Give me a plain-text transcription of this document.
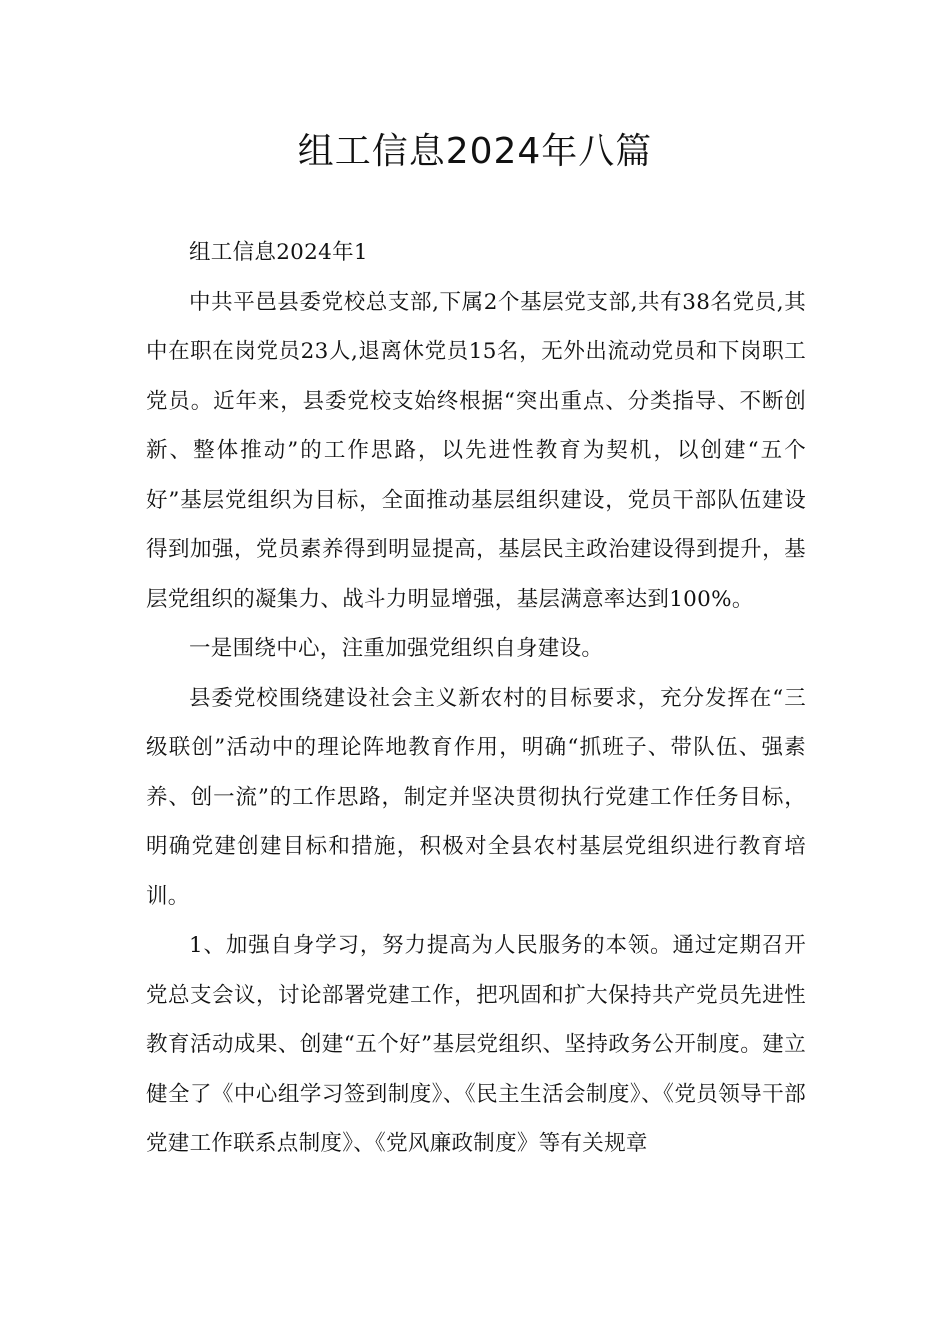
组工信息2024年八篇

组工信息2024年1

中共平邑县委党校总支部,下属2个基层党支部,共有38名党员,其中在职在岗党员23人,退离休党员15名，无外出流动党员和下岗职工党员。近年来，县委党校支始终根据“突出重点、分类指导、不断创新、整体推动”的工作思路，以先进性教育为契机，以创建“五个好”基层党组织为目标，全面推动基层组织建设，党员干部队伍建设得到加强，党员素养得到明显提高，基层民主政治建设得到提升，基层党组织的凝集力、战斗力明显增强，基层满意率达到100%。

一是围绕中心，注重加强党组织自身建设。

县委党校围绕建设社会主义新农村的目标要求，充分发挥在“三级联创”活动中的理论阵地教育作用，明确“抓班子、带队伍、强素养、创一流”的工作思路，制定并坚决贯彻执行党建工作任务目标，明确党建创建目标和措施，积极对全县农村基层党组织进行教育培训。

1、加强自身学习，努力提高为人民服务的本领。通过定期召开党总支会议，讨论部署党建工作，把巩固和扩大保持共产党员先进性教育活动成果、创建“五个好”基层党组织、坚持政务公开制度。建立健全了《中心组学习签到制度》、《民主生活会制度》、《党员领导干部党建工作联系点制度》、《党风廉政制度》等有关规章
